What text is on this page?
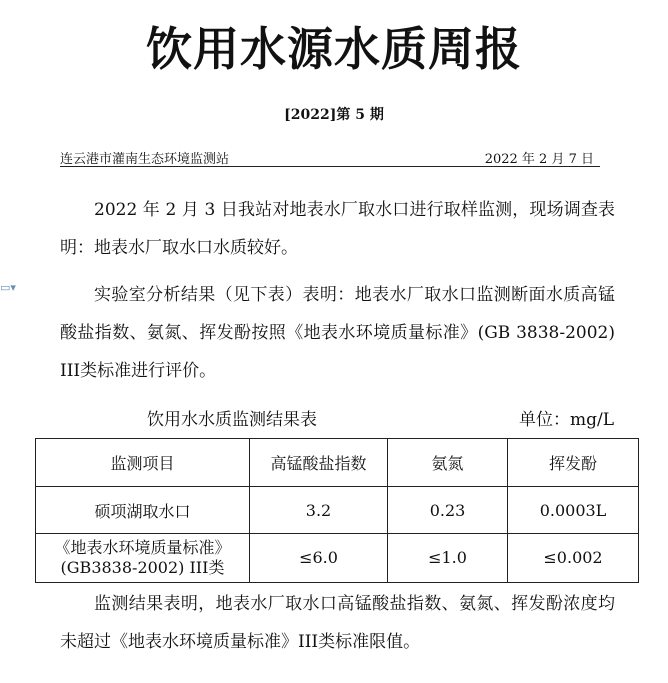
饮用水源水质周报
[2022]第 5 期
连云港市灌南生态环境监测站	2022 年 2 月 7 日
2022 年 2 月 3 日我站对地表水厂取水口进行取样监测，现场调查表明：地表水厂取水口水质较好。
▭▾	实验室分析结果（见下表）表明：地表水厂取水口监测断面水质高锰酸盐指数、氨氮、挥发酚按照《地表水环境质量标准》(GB 3838-2002) III类标准进行评价。
饮用水水质监测结果表	单位：mg/L
监测项目	高锰酸盐指数	氨氮	挥发酚
硕项湖取水口	3.2	0.23	0.0003L

《地表水环境质量标准》
(GB3838-2002) III类	≤6.0	≤1.0	≤0.002
监测结果表明，地表水厂取水口高锰酸盐指数、氨氮、挥发酚浓度均未超过《地表水环境质量标准》III类标准限值。
